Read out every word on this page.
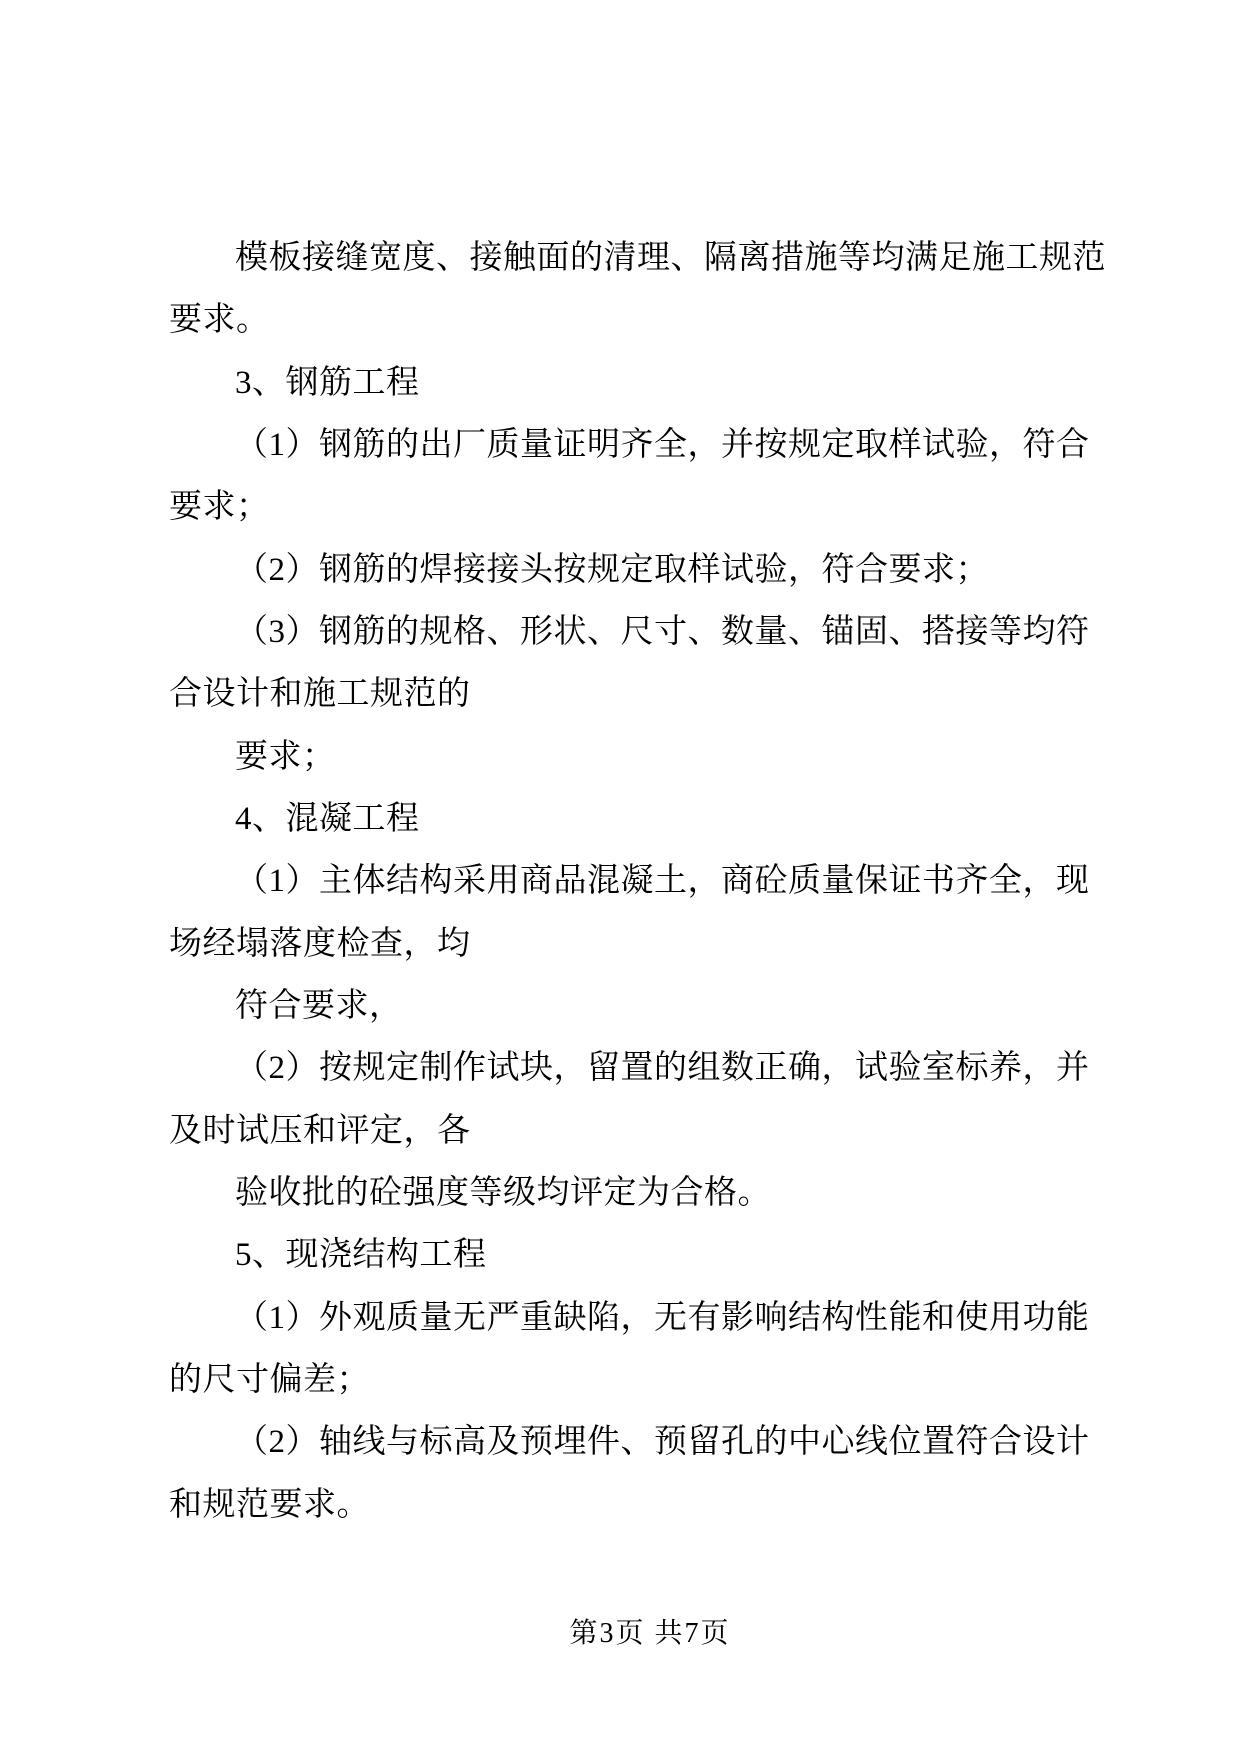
模板接缝宽度、接触面的清理、隔离措施等均满足施工规范
要求。
3、钢筋工程
（1）钢筋的出厂质量证明齐全，并按规定取样试验，符合
要求；
（2）钢筋的焊接接头按规定取样试验，符合要求；
（3）钢筋的规格、形状、尺寸、数量、锚固、搭接等均符
合设计和施工规范的
要求；
4、混凝工程
（1）主体结构采用商品混凝土，商砼质量保证书齐全，现
场经塌落度检查，均
符合要求，
（2）按规定制作试块，留置的组数正确，试验室标养，并
及时试压和评定，各
验收批的砼强度等级均评定为合格。
5、现浇结构工程
（1）外观质量无严重缺陷，无有影响结构性能和使用功能
的尺寸偏差；
（2）轴线与标高及预埋件、预留孔的中心线位置符合设计
和规范要求。
第3页 共7页
